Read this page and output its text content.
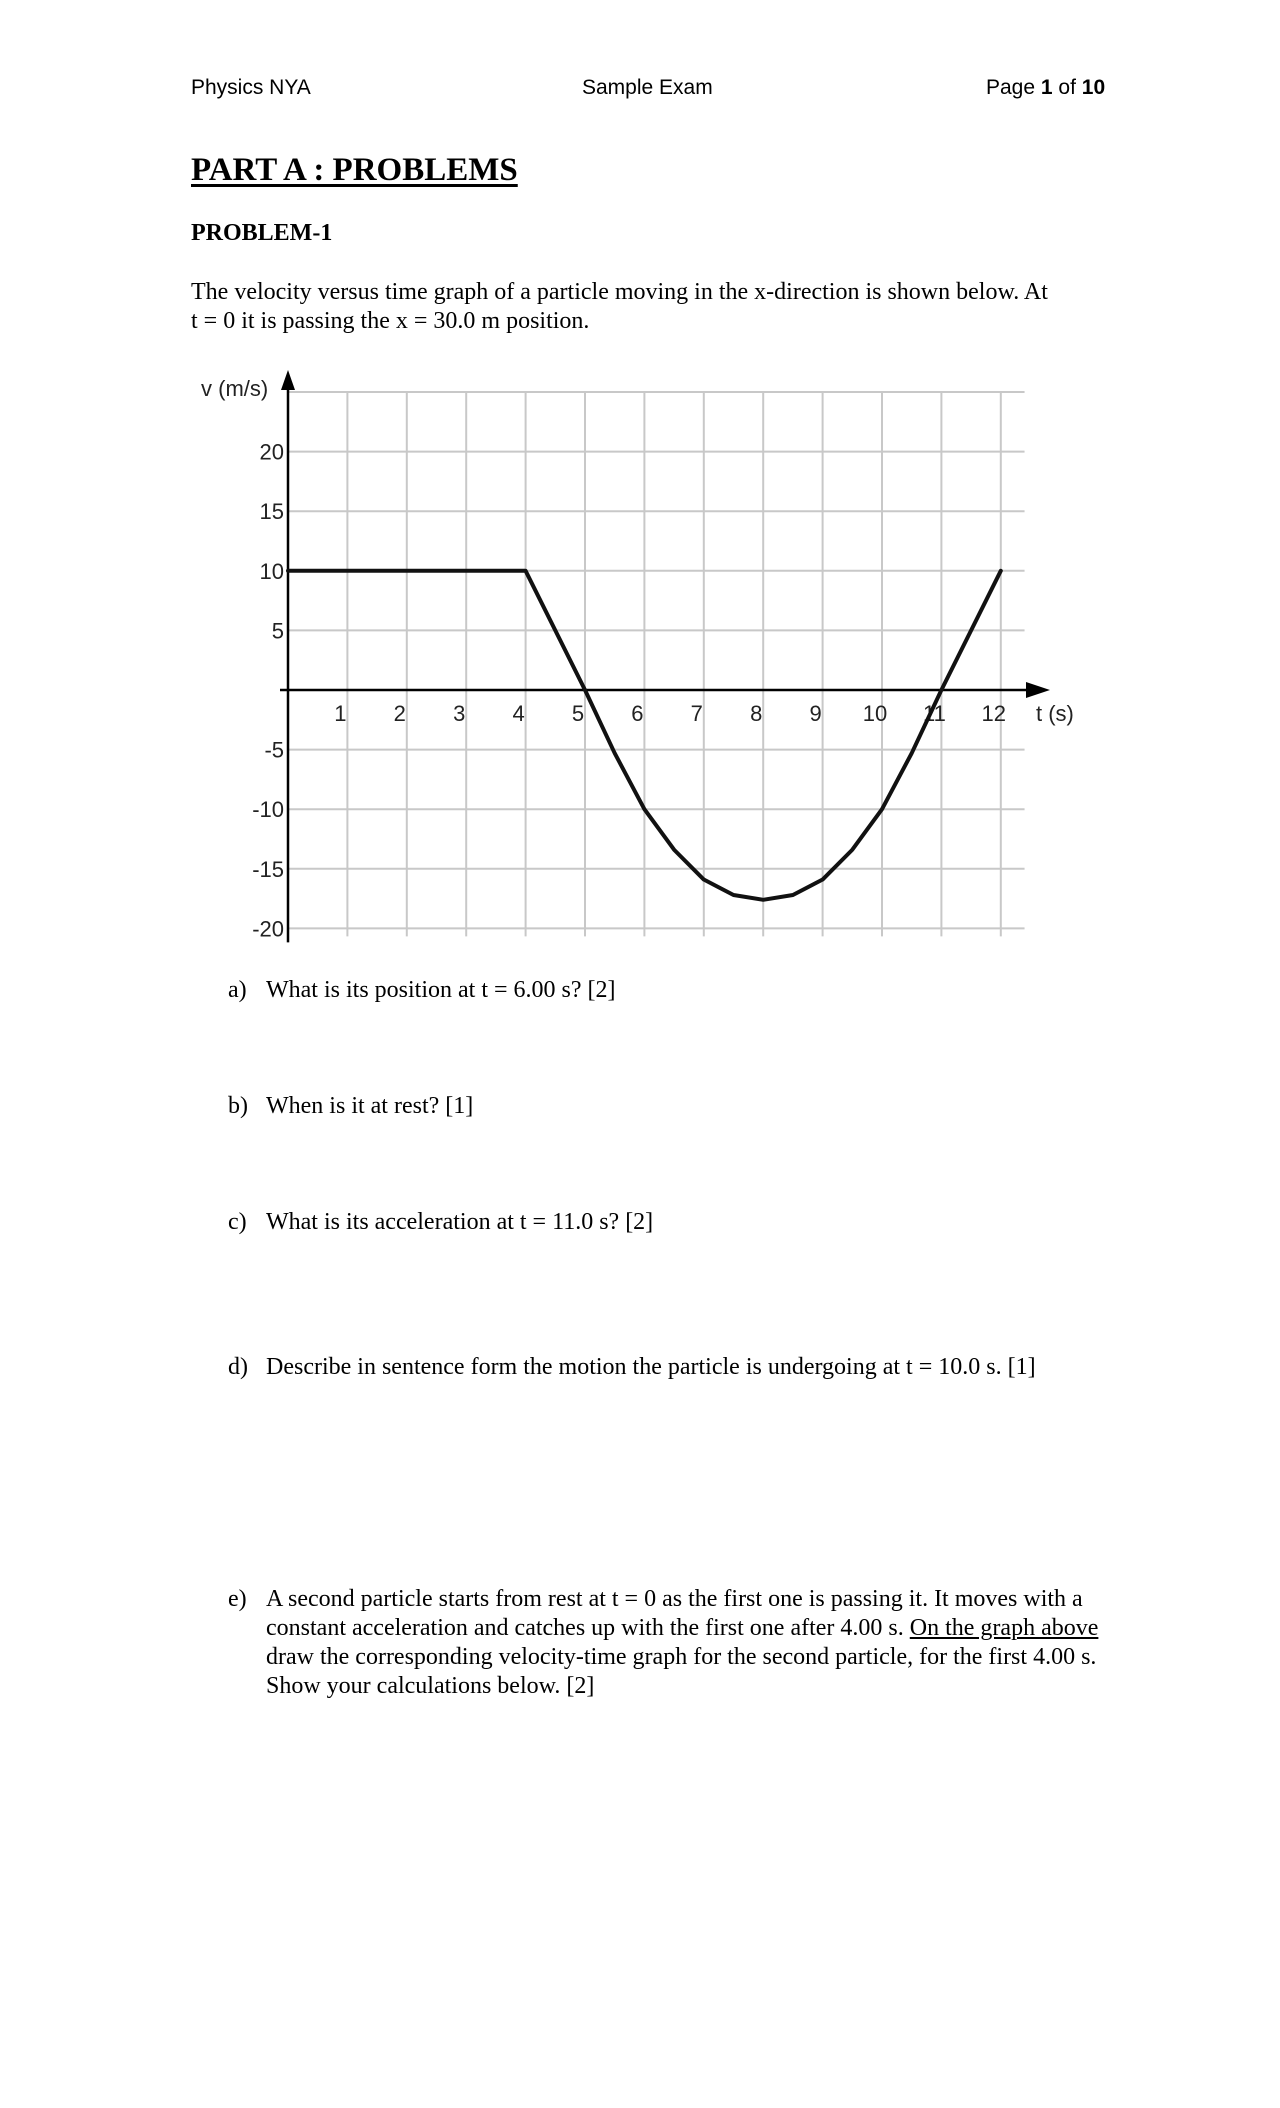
Physics NYA	Sample Exam	Page 1 of 10
PART A : PROBLEMS
PROBLEM-1

The velocity versus time graph of a particle moving in the x-direction is shown below. At
t = 0 it is passing the x = 30.0 m position.

20
15
10
5
-5
-10
-15
-20
1 2 3 4 5 6 7 8 9 10 11 12
v (m/s)
t (s)
a) What is its position at t = 6.00 s? [2]
b) When is it at rest? [1]
c) What is its acceleration at t = 11.0 s? [2]
d) Describe in sentence form the motion the particle is undergoing at t = 10.0 s. [1]
e) A second particle starts from rest at t = 0 as the first one is passing it. It moves with a constant acceleration and catches up with the first one after 4.00 s. On the graph above draw the corresponding velocity-time graph for the second particle, for the first 4.00 s. Show your calculations below. [2]
